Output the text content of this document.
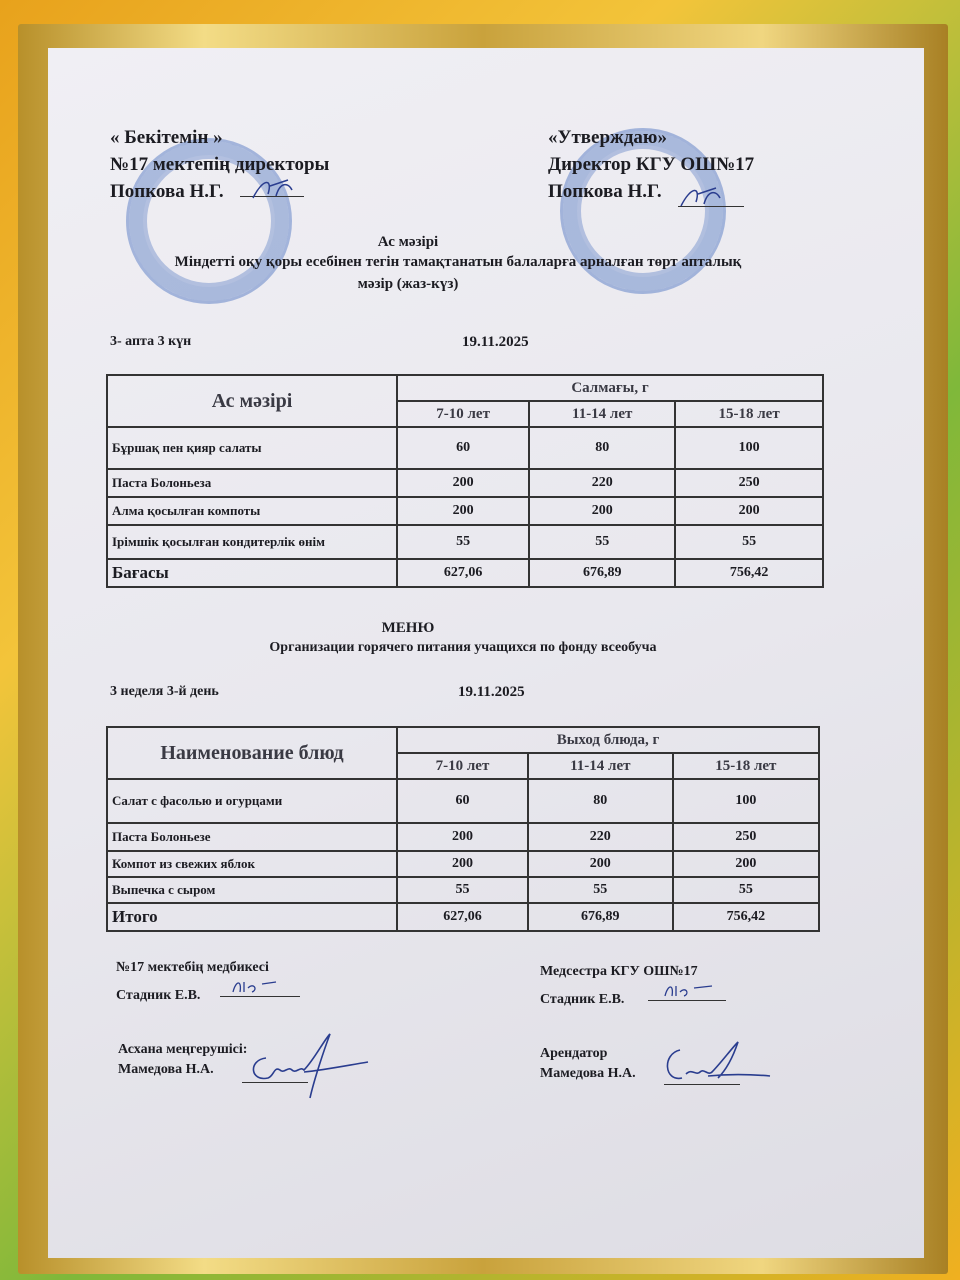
« Бекітемін »
№17 мектепің директоры
Попкова Н.Г.
«Утверждаю»
Директор КГУ ОШ№17
Попкова Н.Г.
Ас мәзірі
Міндетті оқу қоры есебінен тегін тамақтанатын балаларға арналған төрт апталық
мәзір (жаз-күз)
3- апта 3 күн	19.11.2025
Ас мәзірі	Салмағы, г		
	7-10 лет	11-14 лет	15-18 лет
Бұршақ пен қияр салаты	60	80	100
Паста Болоньеза	200	220	250
Алма қосылған компоты	200	200	200
Ірімшік қосылған кондитерлік өнім	55	55	55
Бағасы	627,06	676,89	756,42
МЕНЮ
Организации горячего питания учащихся по фонду всеобуча
3 неделя 3-й день	19.11.2025
Наименование блюд	Выход блюда, г		
	7-10 лет	11-14 лет	15-18 лет
Салат с фасолью и огурцами	60	80	100
Паста Болоньезе	200	220	250
Компот из свежих яблок	200	200	200
Выпечка с сыром	55	55	55
Итого	627,06	676,89	756,42
№17 мектебің медбикесі
Стадник Е.В.
Медсестра КГУ ОШ№17
Стадник Е.В.
Асхана меңгерушісі:
Мамедова Н.А.
Арендатор
Мамедова Н.А.
